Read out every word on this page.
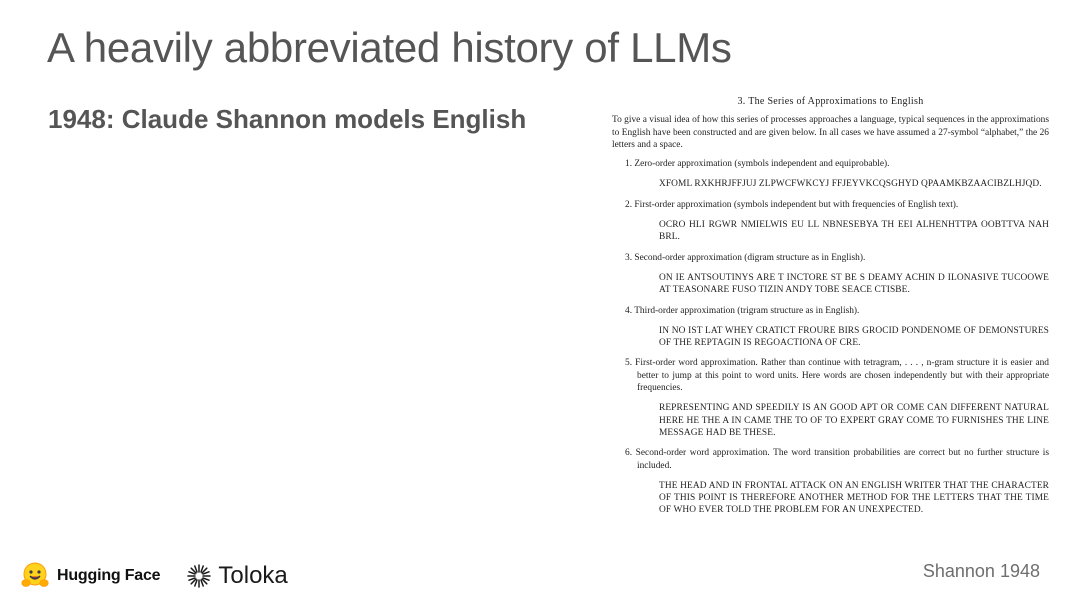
A heavily abbreviated history of LLMs
1948: Claude Shannon models English

3. The Series of Approximations to English

To give a visual idea of how this series of processes approaches a language, typical sequences in the approximations to English have been constructed and are given below. In all cases we have assumed a 27-symbol “alphabet,” the 26 letters and a space.

1. Zero-order approximation (symbols independent and equiprobable).

XFOML RXKHRJFFJUJ ZLPWCFWKCYJ FFJEYVKCQSGHYD QPAAMKBZAACIBZLHJQD.

2. First-order approximation (symbols independent but with frequencies of English text).

OCRO HLI RGWR NMIELWIS EU LL NBNESEBYA TH EEI ALHENHTTPA OOBTTVA NAH BRL.

3. Second-order approximation (digram structure as in English).

ON IE ANTSOUTINYS ARE T INCTORE ST BE S DEAMY ACHIN D ILONASIVE TUCOOWE AT TEASONARE FUSO TIZIN ANDY TOBE SEACE CTISBE.

4. Third-order approximation (trigram structure as in English).

IN NO IST LAT WHEY CRATICT FROURE BIRS GROCID PONDENOME OF DEMONSTURES OF THE REPTAGIN IS REGOACTIONA OF CRE.

5. First-order word approximation. Rather than continue with tetragram, . . . , n-gram structure it is easier and better to jump at this point to word units. Here words are chosen independently but with their appropriate frequencies.

REPRESENTING AND SPEEDILY IS AN GOOD APT OR COME CAN DIFFERENT NATURAL HERE HE THE A IN CAME THE TO OF TO EXPERT GRAY COME TO FURNISHES THE LINE MESSAGE HAD BE THESE.

6. Second-order word approximation. The word transition probabilities are correct but no further structure is included.

THE HEAD AND IN FRONTAL ATTACK ON AN ENGLISH WRITER THAT THE CHARACTER OF THIS POINT IS THEREFORE ANOTHER METHOD FOR THE LETTERS THAT THE TIME OF WHO EVER TOLD THE PROBLEM FOR AN UNEXPECTED.

Hugging Face Toloka	Shannon 1948
